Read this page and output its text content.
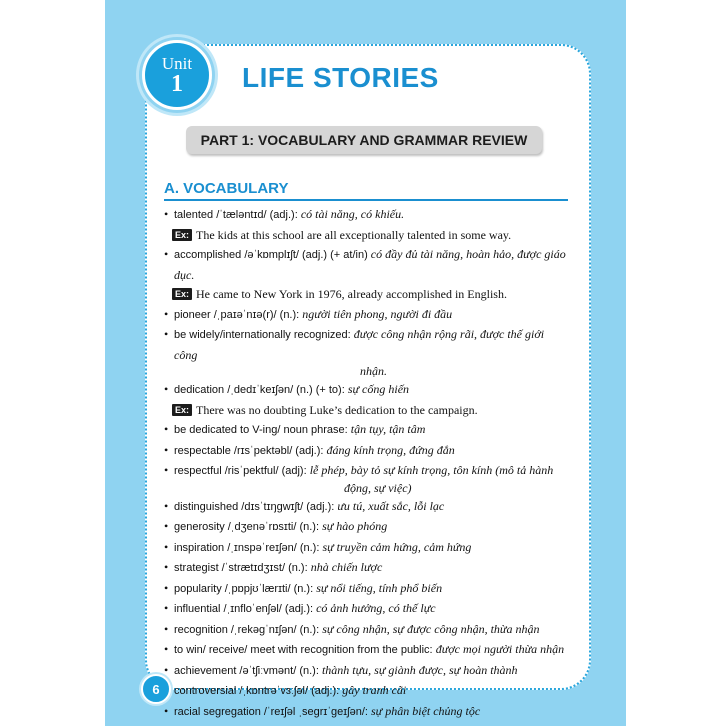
Unit
1 LIFE STORIES
PART 1: VOCABULARY AND GRAMMAR REVIEW
A. VOCABULARY
• talented /ˈtæləntɪd/ (adj.): có tài năng, có khiếu.
Ex: The kids at this school are all exceptionally talented in some way.
• accomplished /əˈkɒmplɪʃt/ (adj.) (+ at/in) có đầy đủ tài năng, hoàn hảo, được giáo dục.
Ex: He came to New York in 1976, already accomplished in English.
• pioneer /ˌpaɪəˈnɪə(r)/ (n.): người tiên phong, người đi đầu
• be widely/internationally recognized: được công nhận rộng rãi, được thế giới công
nhận.
• dedication /ˌdedɪˈkeɪʃən/ (n.) (+ to): sự cống hiến
Ex: There was no doubting Luke’s dedication to the campaign.
• be dedicated to V-ing/ noun phrase: tận tụy, tận tâm
• respectable /rɪsˈpektəbl/ (adj.): đáng kính trọng, đứng đắn
• respectful /risˈpektful/ (adj): lễ phép, bày tỏ sự kính trọng, tôn kính (mô tả hành
động, sự việc)
• distinguished /dɪsˈtɪŋgwɪʃt/ (adj.): ưu tú, xuất sắc, lỗi lạc
• generosity /ˌdʒenəˈrɒsɪti/ (n.): sự hào phóng
• inspiration /ˌɪnspəˈreɪʃən/ (n.): sự truyền cảm hứng, cảm hứng
• strategist /ˈstrætɪdʒɪst/ (n.): nhà chiến lược
• popularity /ˌpɒpjʊˈlærɪti/ (n.): sự nổi tiếng, tính phổ biến
• influential /ˌɪnfloˈenʃəl/ (adj.): có ảnh hưởng, có thế lực
• recognition /ˌrekəgˈnɪʃən/ (n.): sự công nhận, sự được công nhận, thừa nhận
• to win/ receive/ meet with recognition from the public: được mọi người thừa nhận
• achievement /əˈtʃiːvmənt/ (n.): thành tựu, sự giành được, sự hoàn thành
• controversial /ˌkɒntrəˈvɜːʃəl/ (adj.): gây tranh cãi
• racial segregation /ˈreɪʃəl ˌsegrɪˈgeɪʃən/: sự phân biệt chủng tộc
6
